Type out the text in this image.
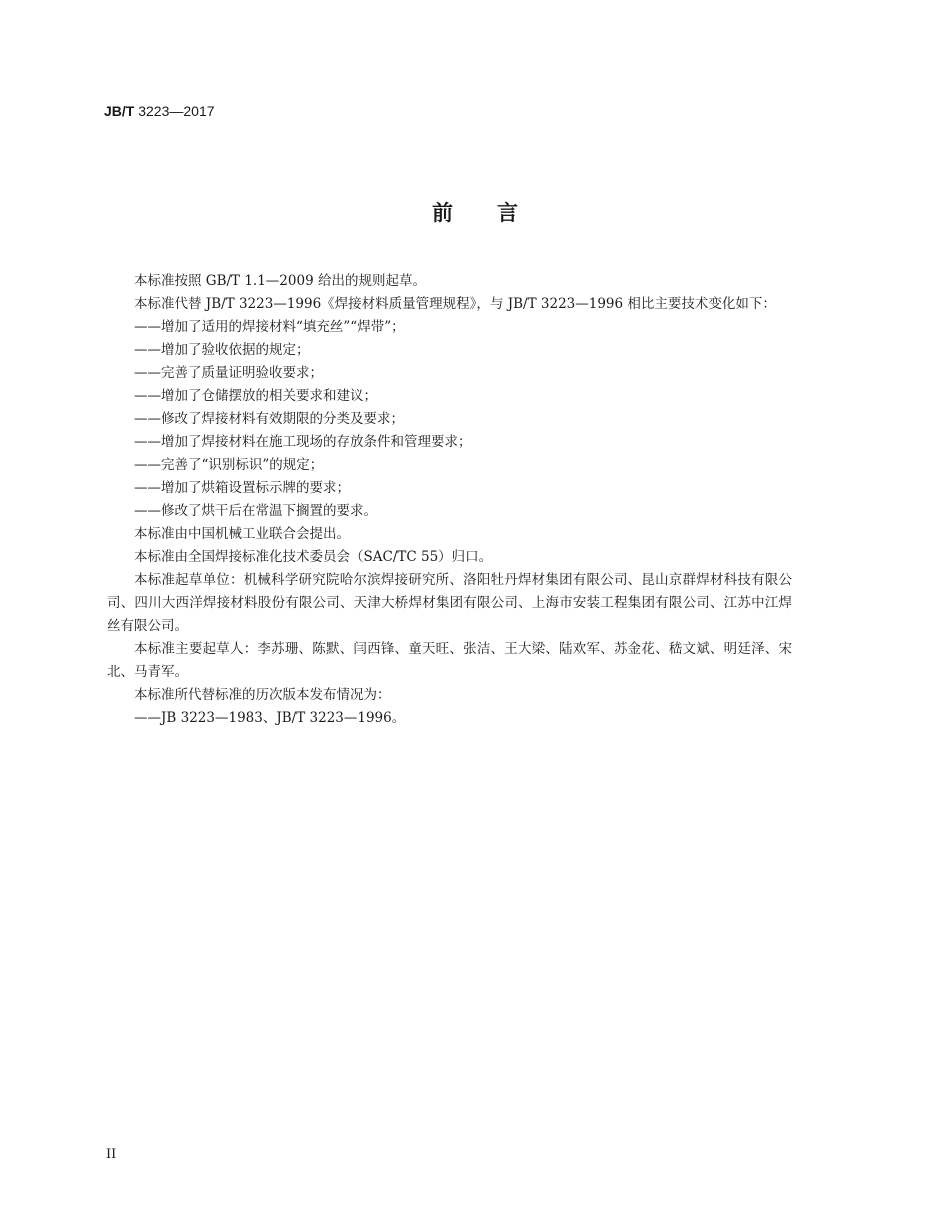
JB/T 3223—2017
前言

本标准按照 GB/T 1.1—2009 给出的规则起草。

本标准代替 JB/T 3223—1996《焊接材料质量管理规程》，与 JB/T 3223—1996 相比主要技术变化如下：

——增加了适用的焊接材料“填充丝”“焊带”；

——增加了验收依据的规定；

——完善了质量证明验收要求；

——增加了仓储摆放的相关要求和建议；

——修改了焊接材料有效期限的分类及要求；

——增加了焊接材料在施工现场的存放条件和管理要求；

——完善了“识别标识”的规定；

——增加了烘箱设置标示牌的要求；

——修改了烘干后在常温下搁置的要求。

本标准由中国机械工业联合会提出。

本标准由全国焊接标准化技术委员会（SAC/TC 55）归口。

本标准起草单位：机械科学研究院哈尔滨焊接研究所、洛阳牡丹焊材集团有限公司、昆山京群焊材科技有限公司、四川大西洋焊接材料股份有限公司、天津大桥焊材集团有限公司、上海市安装工程集团有限公司、江苏中江焊丝有限公司。

本标准主要起草人：李苏珊、陈默、闫西锋、童天旺、张洁、王大梁、陆欢军、苏金花、嵇文斌、明廷泽、宋北、马青军。

本标准所代替标准的历次版本发布情况为：

——JB 3223—1983、JB/T 3223—1996。

II
